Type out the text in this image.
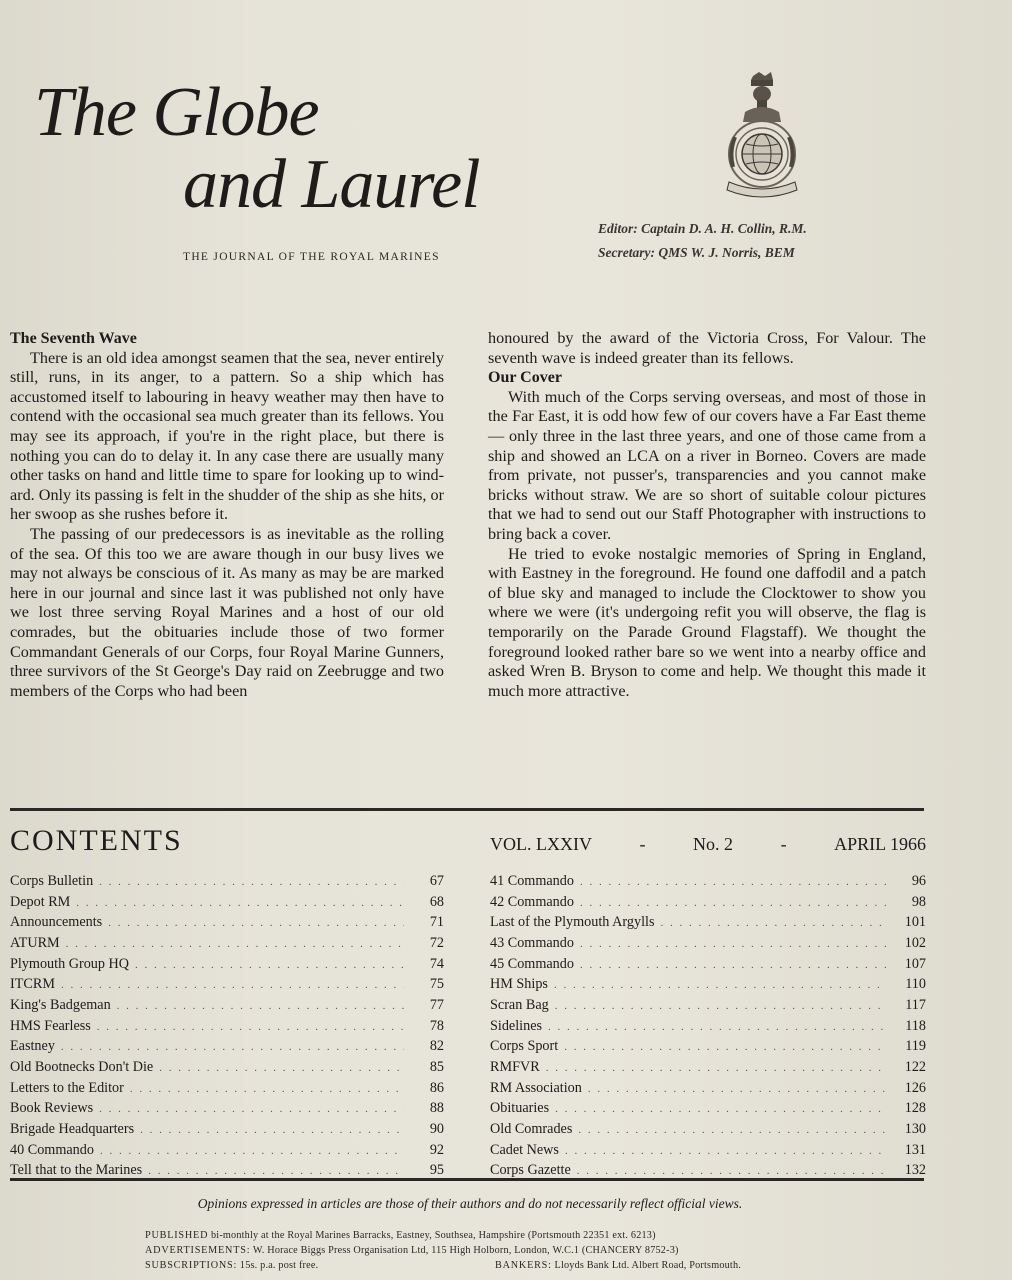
The Globe
and Laurel
THE JOURNAL OF THE ROYAL MARINES
Editor: Captain D. A. H. Collin, R.M.
Secretary: QMS W. J. Norris, BEM
The Seventh Wave

There is an old idea amongst seamen that the sea, never entirely still, runs, in its anger, to a pattern. So a ship which has accustomed itself to labouring in heavy weather may then have to contend with the occasional sea much greater than its fellows. You may see its approach, if you're in the right place, but there is nothing you can do to delay it. In any case there are usually many other tasks on hand and little time to spare for looking up to wind-ard. Only its passing is felt in the shudder of the ship as she hits, or her swoop as she rushes before it.

The passing of our predecessors is as inevitable as the rolling of the sea. Of this too we are aware though in our busy lives we may not always be conscious of it. As many as may be are marked here in our journal and since last it was published not only have we lost three serving Royal Marines and a host of our old comrades, but the obituaries include those of two former Commandant Generals of our Corps, four Royal Marine Gunners, three survivors of the St George's Day raid on Zeebrugge and two members of the Corps who had been

honoured by the award of the Victoria Cross, For Valour. The seventh wave is indeed greater than its fellows.

Our Cover

With much of the Corps serving overseas, and most of those in the Far East, it is odd how few of our covers have a Far East theme — only three in the last three years, and one of those came from a ship and showed an LCA on a river in Borneo. Covers are made from private, not pusser's, transparencies and you cannot make bricks without straw. We are so short of suitable colour pictures that we had to send out our Staff Photographer with instructions to bring back a cover.

He tried to evoke nostalgic memories of Spring in England, with Eastney in the foreground. He found one daffodil and a patch of blue sky and managed to include the Clocktower to show you where we were (it's undergoing refit you will observe, the flag is temporarily on the Parade Ground Flagstaff). We thought the foreground looked rather bare so we went into a nearby office and asked Wren B. Bryson to come and help. We thought this made it much more attractive.

CONTENTS	VOL. LXXIV	-	No. 2	-	APRIL 1966
Corps Bulletin . . .	67
Depot RM . . .	68
Announcements . . .	71
ATURM . . .	72
Plymouth Group HQ . . .	74
ITCRM . . .	75
King's Badgeman . . .	77
HMS Fearless . . .	78
Eastney . . .	82
Old Bootnecks Don't Die . . .	85
Letters to the Editor . . .	86
Book Reviews . . .	88
Brigade Headquarters . . .	90
40 Commando . . .	92
Tell that to the Marines . . .	95
41 Commando . . .	96
42 Commando . . .	98
Last of the Plymouth Argylls . . .	101
43 Commando . . .	102
45 Commando . . .	107
HM Ships . . .	110
Scran Bag . . .	117
Sidelines . . .	118
Corps Sport . . .	119
RMFVR . . .	122
RM Association . . .	126
Obituaries . . .	128
Old Comrades . . .	130
Cadet News . . .	131
Corps Gazette . . .	132
Opinions expressed in articles are those of their authors and do not necessarily reflect official views.
PUBLISHED bi-monthly at the Royal Marines Barracks, Eastney, Southsea, Hampshire (Portsmouth 22351 ext. 6213)
ADVERTISEMENTS: W. Horace Biggs Press Organisation Ltd, 115 High Holborn, London, W.C.1 (CHANCERY 8752-3)
SUBSCRIPTIONS: 15s. p.a. post free.	BANKERS: Lloyds Bank Ltd. Albert Road, Portsmouth.
